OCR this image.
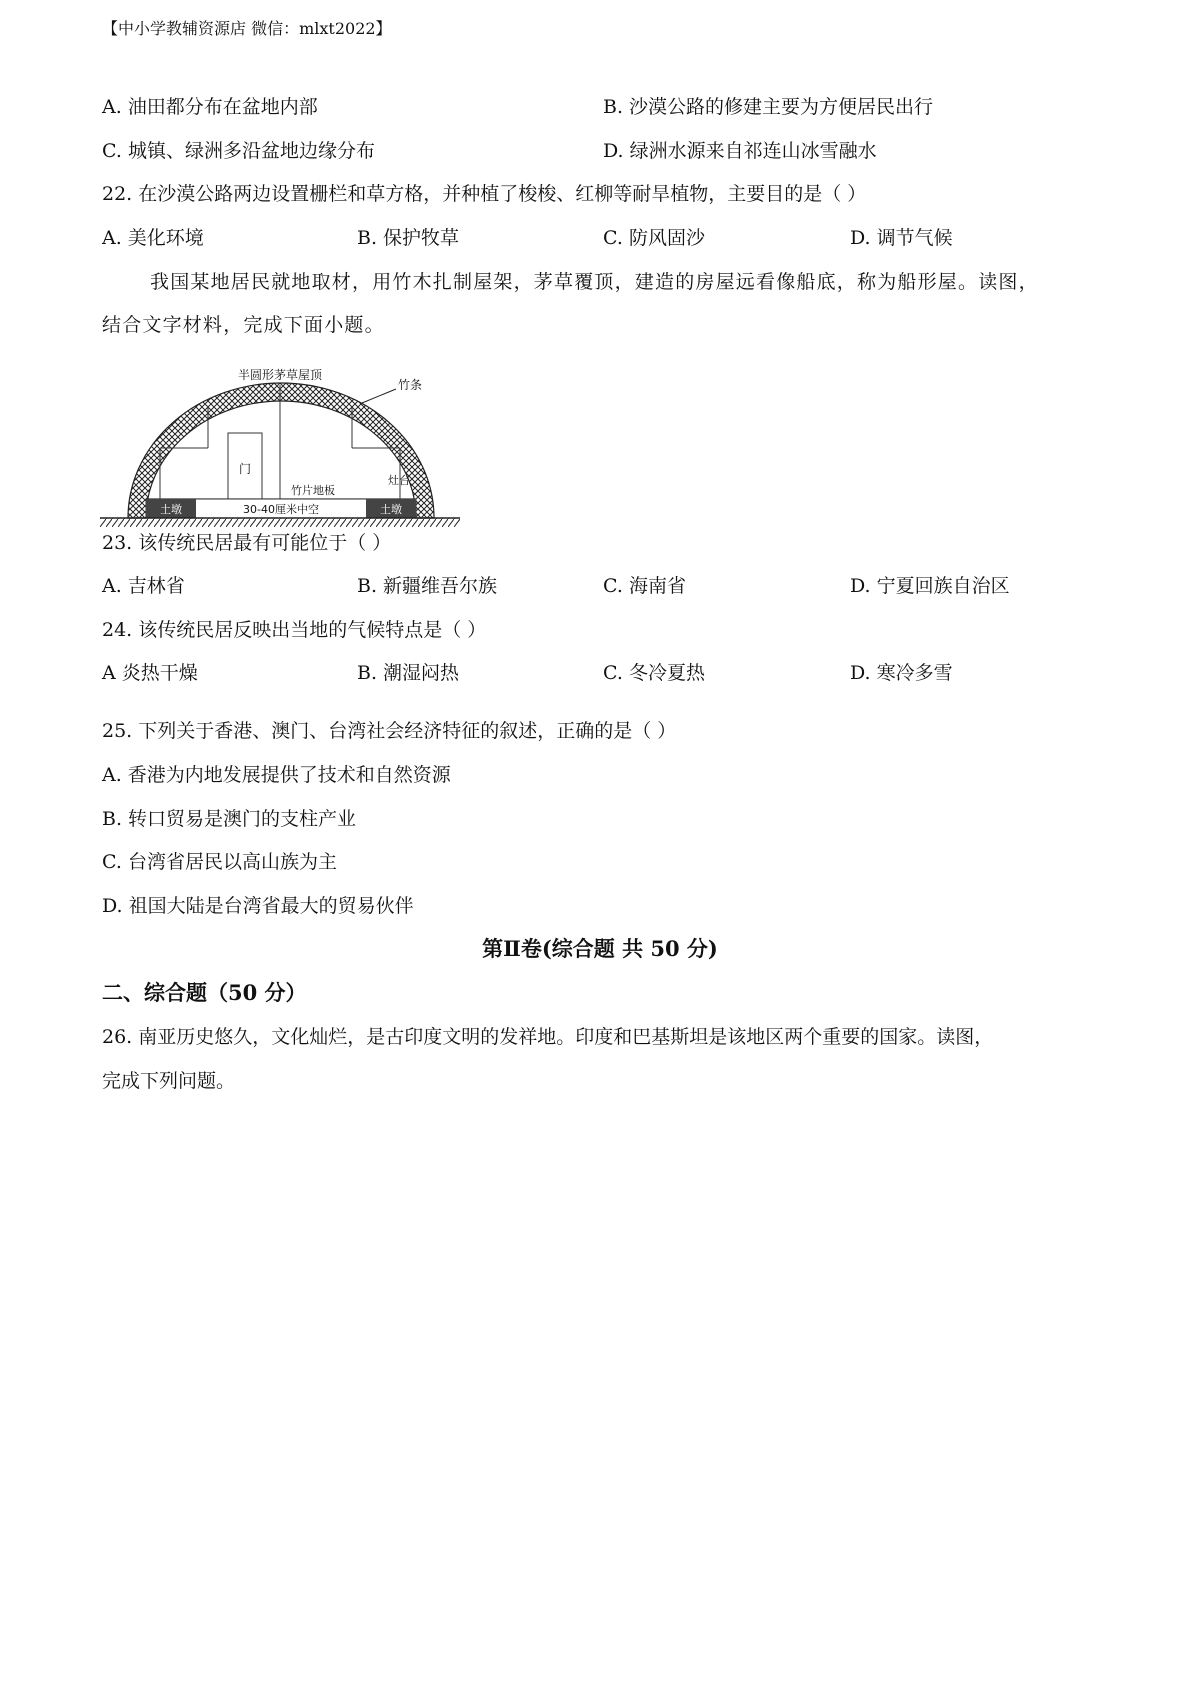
【中小学教辅资源店 微信：mlxt2022】
A. 油田都分布在盆地内部	B. 沙漠公路的修建主要为方便居民出行
C. 城镇、绿洲多沿盆地边缘分布	D. 绿洲水源来自祁连山冰雪融水
22. 在沙漠公路两边设置栅栏和草方格，并种植了梭梭、红柳等耐旱植物，主要目的是（ ）
A. 美化环境	B. 保护牧草	C. 防风固沙	D. 调节气候
我国某地居民就地取材，用竹木扎制屋架，茅草覆顶，建造的房屋远看像船底，称为船形屋。读图，
结合文字材料，完成下面小题。
门
土墩	土墩
30-40厘米中空
半圆形茅草屋顶
竹条
竹片地板
灶台
23. 该传统民居最有可能位于（ ）
A. 吉林省	B. 新疆维吾尔族	C. 海南省	D. 宁夏回族自治区
24. 该传统民居反映出当地的气候特点是（ ）
A 炎热干燥	B. 潮湿闷热	C. 冬冷夏热	D. 寒冷多雪
25. 下列关于香港、澳门、台湾社会经济特征的叙述，正确的是（ ）
A. 香港为内地发展提供了技术和自然资源
B. 转口贸易是澳门的支柱产业
C. 台湾省居民以高山族为主
D. 祖国大陆是台湾省最大的贸易伙伴
第Ⅱ卷(综合题 共 50 分)
二、综合题（50 分）
26. 南亚历史悠久，文化灿烂，是古印度文明的发祥地。印度和巴基斯坦是该地区两个重要的国家。读图，
完成下列问题。
